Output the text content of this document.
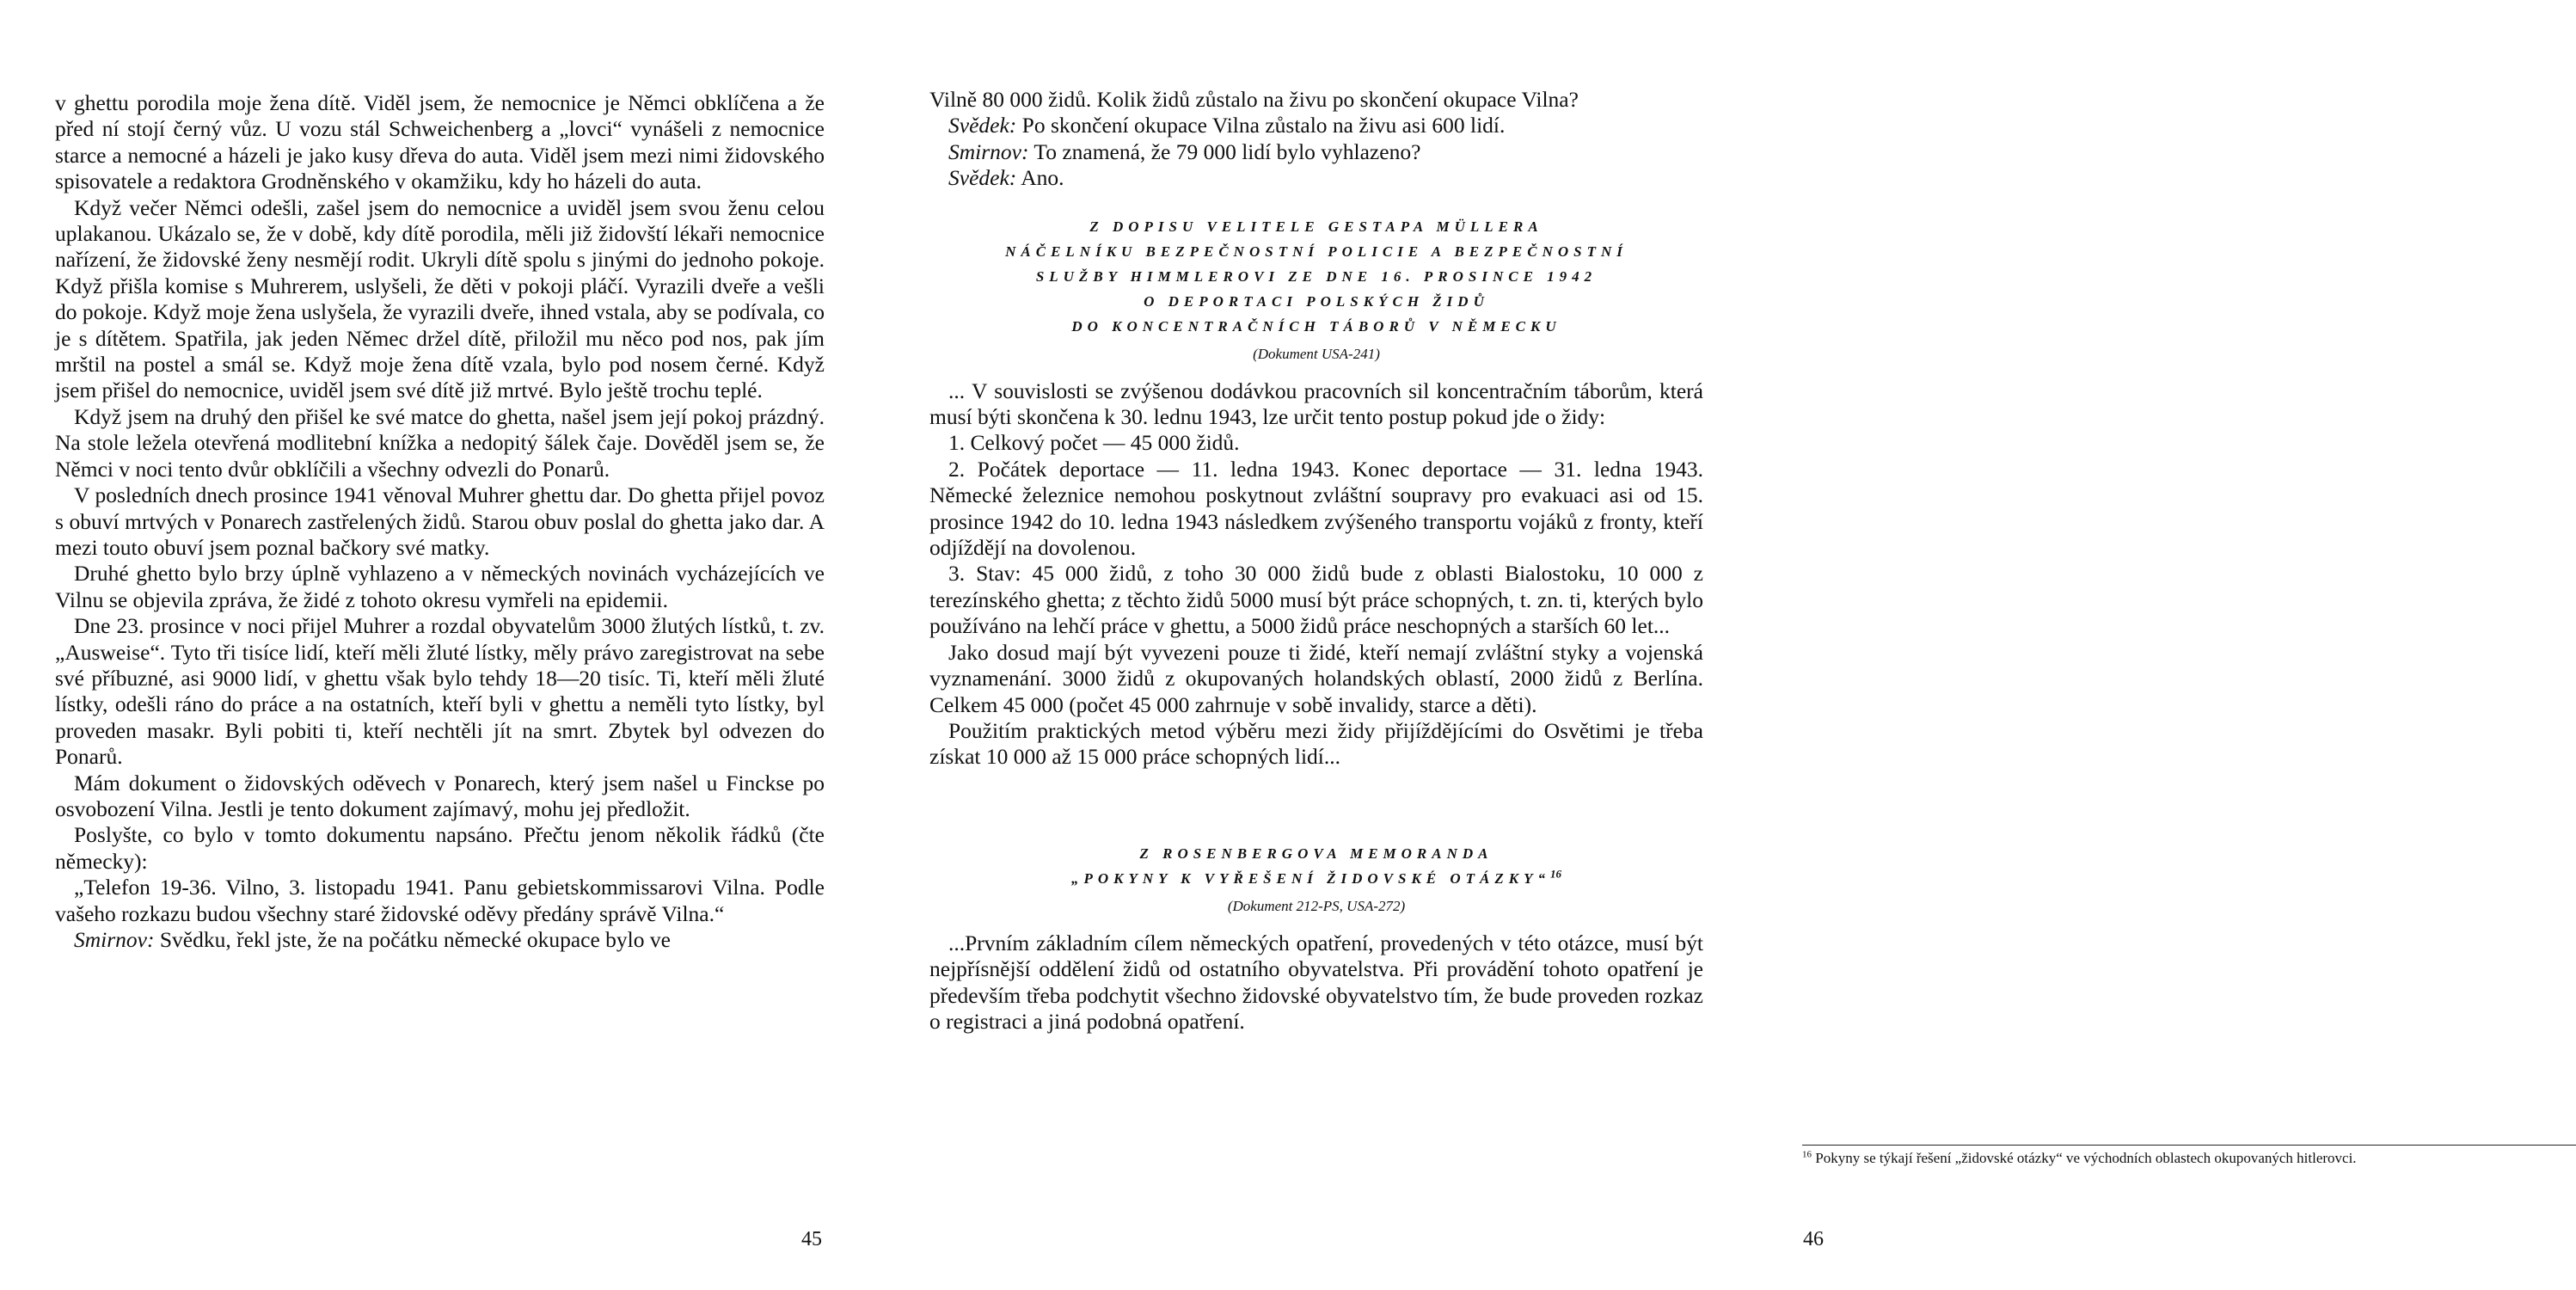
v ghettu porodila moje žena dítě. Viděl jsem, že nemocnice je Němci obklíčena a že před ní stojí černý vůz. U vozu stál Schweichenberg a „lovci“ vynášeli z nemocnice starce a nemocné a házeli je jako kusy dřeva do auta. Viděl jsem mezi nimi židovského spisovatele a redaktora Grodněnského v okamžiku, kdy ho házeli do auta.

Když večer Němci odešli, zašel jsem do nemocnice a uviděl jsem svou ženu celou uplakanou. Ukázalo se, že v době, kdy dítě porodila, měli již židovští lékaři nemocnice nařízení, že židovské ženy nesmějí rodit. Ukryli dítě spolu s jinými do jednoho pokoje. Když přišla komise s Muhrerem, uslyšeli, že děti v pokoji pláčí. Vyrazili dveře a vešli do pokoje. Když moje žena uslyšela, že vyrazili dveře, ihned vstala, aby se podívala, co je s dítětem. Spatřila, jak jeden Němec držel dítě, přiložil mu něco pod nos, pak jím mrštil na postel a smál se. Když moje žena dítě vzala, bylo pod nosem černé. Když jsem přišel do nemocnice, uviděl jsem své dítě již mrtvé. Bylo ještě trochu teplé.

Když jsem na druhý den přišel ke své matce do ghetta, našel jsem její pokoj prázdný. Na stole ležela otevřená modlitební knížka a nedopitý šálek čaje. Dověděl jsem se, že Němci v noci tento dvůr obklíčili a všechny odvezli do Ponarů.

V posledních dnech prosince 1941 věnoval Muhrer ghettu dar. Do ghetta přijel povoz s obuví mrtvých v Ponarech zastřelených židů. Starou obuv poslal do ghetta jako dar. A mezi touto obuví jsem poznal bačkory své matky.

Druhé ghetto bylo brzy úplně vyhlazeno a v německých novinách vycházejících ve Vilnu se objevila zpráva, že židé z tohoto okresu vymřeli na epidemii.

Dne 23. prosince v noci přijel Muhrer a rozdal obyvatelům 3000 žlutých lístků, t. zv. „Ausweise“. Tyto tři tisíce lidí, kteří měli žluté lístky, měly právo zaregistrovat na sebe své příbuzné, asi 9000 lidí, v ghettu však bylo tehdy 18—20 tisíc. Ti, kteří měli žluté lístky, odešli ráno do práce a na ostatních, kteří byli v ghettu a neměli tyto lístky, byl proveden masakr. Byli pobiti ti, kteří nechtěli jít na smrt. Zbytek byl odvezen do Ponarů.

Mám dokument o židovských oděvech v Ponarech, který jsem našel u Finckse po osvobození Vilna. Jestli je tento dokument zajímavý, mohu jej předložit.

Poslyšte, co bylo v tomto dokumentu napsáno. Přečtu jenom několik řádků (čte německy):

„Telefon 19-36. Vilno, 3. listopadu 1941. Panu gebietskommissarovi Vilna. Podle vašeho rozkazu budou všechny staré židovské oděvy předány správě Vilna.“

Smirnov: Svědku, řekl jste, že na počátku německé okupace bylo ve

45

Vilně 80 000 židů. Kolik židů zůstalo na živu po skončení okupace Vilna?

Svědek: Po skončení okupace Vilna zůstalo na živu asi 600 lidí.

Smirnov: To znamená, že 79 000 lidí bylo vyhlazeno?

Svědek: Ano.

Z DOPISU VELITELE GESTAPA MÜLLERA
NÁČELNÍKU BEZPEČNOSTNÍ POLICIE A BEZPEČNOSTNÍ
SLUŽBY HIMMLEROVI ZE DNE 16. PROSINCE 1942
O DEPORTACI POLSKÝCH ŽIDŮ
DO KONCENTRAČNÍCH TÁBORŮ V NĚMECKU
(Dokument USA-241)

... V souvislosti se zvýšenou dodávkou pracovních sil koncentračním táborům, která musí býti skončena k 30. lednu 1943, lze určit tento postup pokud jde o židy:

1. Celkový počet — 45 000 židů.

2. Počátek deportace — 11. ledna 1943. Konec deportace — 31. ledna 1943. Německé železnice nemohou poskytnout zvláštní soupravy pro evakuaci asi od 15. prosince 1942 do 10. ledna 1943 následkem zvýšeného transportu vojáků z fronty, kteří odjíždějí na dovolenou.

3. Stav: 45 000 židů, z toho 30 000 židů bude z oblasti Bialostoku, 10 000 z terezínského ghetta; z těchto židů 5000 musí být práce schopných, t. zn. ti, kterých bylo používáno na lehčí práce v ghettu, a 5000 židů práce neschopných a starších 60 let...

Jako dosud mají být vyvezeni pouze ti židé, kteří nemají zvláštní styky a vojenská vyznamenání. 3000 židů z okupovaných holandských oblastí, 2000 židů z Berlína. Celkem 45 000 (počet 45 000 zahrnuje v sobě invalidy, starce a děti).

Použitím praktických metod výběru mezi židy přijíždějícími do Osvětimi je třeba získat 10 000 až 15 000 práce schopných lidí...

Z ROSENBERGOVA MEMORANDA
„POKYNY K VYŘEŠENÍ ŽIDOVSKÉ OTÁZKY“$^{16}$
(Dokument 212-PS, USA-272)

...Prvním základním cílem německých opatření, provedených v této otázce, musí být nejpřísnější oddělení židů od ostatního obyvatelstva. Při provádění tohoto opatření je především třeba podchytit všechno židovské obyvatelstvo tím, že bude proveden rozkaz o registraci a jiná podobná opatření.

$^{16}$ Pokyny se týkají řešení „židovské otázky“ ve východních oblastech okupovaných hitlerovci.
46
